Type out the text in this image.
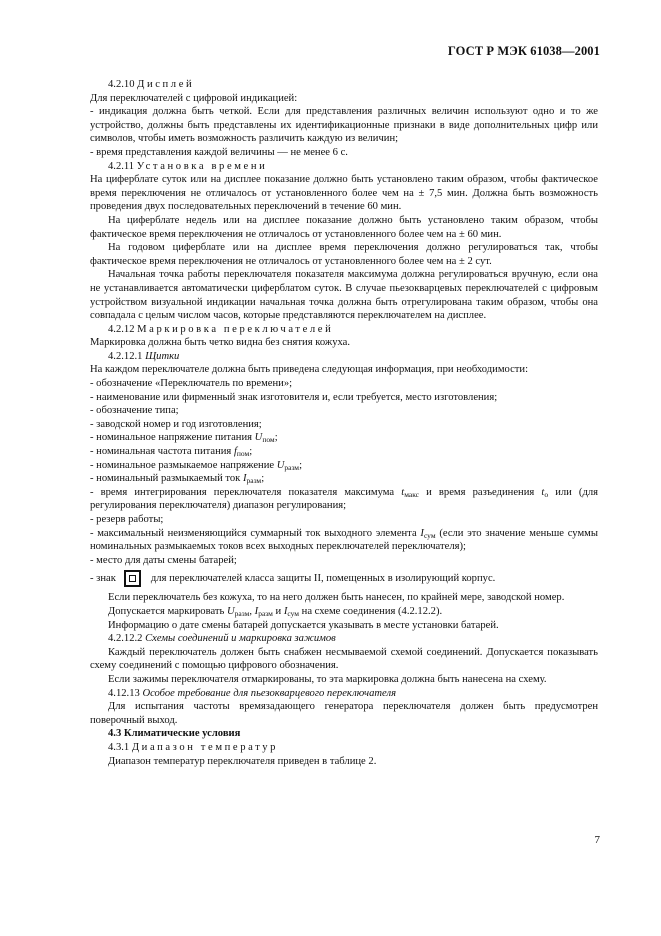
ГОСТ Р МЭК 61038—2001

4.2.10 Дисплей

Для переключателей с цифровой индикацией:

- индикация должна быть четкой. Если для представления различных величин используют одно и то же устройство, должны быть представлены их идентификационные признаки в виде дополнительных цифр или символов, чтобы иметь возможность различить каждую из величин;

- время представления каждой величины — не менее 6 с.

4.2.11 Установка времени

На циферблате суток или на дисплее показание должно быть установлено таким образом, чтобы фактическое время переключения не отличалось от установленного более чем на ± 7,5 мин. Должна быть возможность проведения двух последовательных переключений в течение 60 мин.

На циферблате недель или на дисплее показание должно быть установлено таким образом, чтобы фактическое время переключения не отличалось от установленного более чем на ± 60 мин.

На годовом циферблате или на дисплее время переключения должно регулироваться так, чтобы фактическое время переключения не отличалось от установленного более чем на ± 2 сут.

Начальная точка работы переключателя показателя максимума должна регулироваться вручную, если она не устанавливается автоматически циферблатом суток. В случае пьезокварцевых переключателей с цифровым устройством визуальной индикации начальная точка должна быть отрегулирована таким образом, чтобы она совпадала с целым числом часов, которые представляются переключателем на дисплее.

4.2.12 Маркировка переключателей

Маркировка должна быть четко видна без снятия кожуха.

4.2.12.1 Щитки

На каждом переключателе должна быть приведена следующая информация, при необходимости:

- обозначение «Переключатель по времени»;

- наименование или фирменный знак изготовителя и, если требуется, место изготовления;

- обозначение типа;

- заводской номер и год изготовления;

- номинальное напряжение питания $U_{пом}$;

- номинальная частота питания $f_{пом}$;

- номинальное размыкаемое напряжение $U_{разм}$;

- номинальный размыкаемый ток $I_{разм}$;

- время интегрирования переключателя показателя максимума $t_{макс}$ и время разъединения $t_о$ или (для регулирования переключателя) диапазон регулирования;

- резерв работы;

- максимальный неизменяющийся суммарный ток выходного элемента $I_{сум}$ (если это значение меньше суммы номинальных размыкаемых токов всех выходных переключателей переключателя);

- место для даты смены батарей;

- знак	для переключателей класса защиты II, помещенных в изолирующий корпус.

Если переключатель без кожуха, то на него должен быть нанесен, по крайней мере, заводской номер.

Допускается маркировать $U_{разм}$, $I_{разм}$ и $I_{сум}$ на схеме соединения (4.2.12.2).

Информацию о дате смены батарей допускается указывать в месте установки батарей.

4.2.12.2 Схемы соединений и маркировка зажимов

Каждый переключатель должен быть снабжен несмываемой схемой соединений. Допускается показывать схему соединений с помощью цифрового обозначения.

Если зажимы переключателя отмаркированы, то эта маркировка должна быть нанесена на схему.

4.12.13 Особое требование для пьезокварцевого переключателя

Для испытания частоты времязадающего генератора переключателя должен быть предусмотрен поверочный выход.

4.3 Климатические условия

4.3.1 Диапазон температур

Диапазон температур переключателя приведен в таблице 2.

7
